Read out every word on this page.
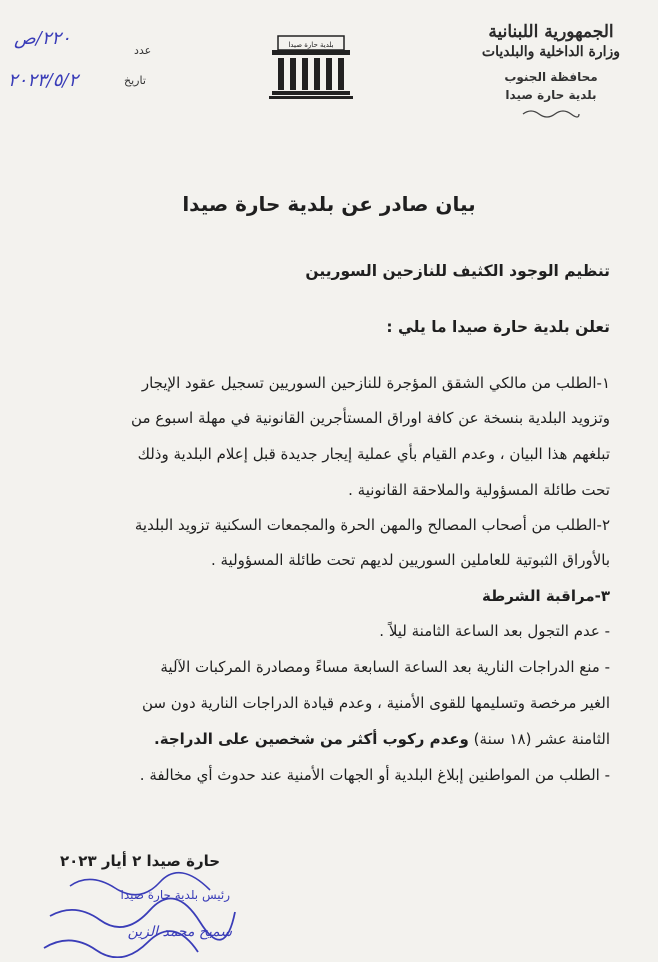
الجمهورية اللبنانية
وزارة الداخلية والبلديات
محافظة الجنوب
بلدية حارة صيدا
بلدية حارة صيدا
٢٢٠/ص
عدد
٢٠٢٣/٥/٢	تاريخ
بيان صادر عن بلدية حارة صيدا
تنظيم الوجود الكثيف للنازحين السوريين
تعلن بلدية حارة صيدا ما يلي :
١-الطلب من مالكي الشقق المؤجرة للنازحين السوريين تسجيل عقود الإيجار
وتزويد البلدية بنسخة عن كافة اوراق المستأجرين القانونية في مهلة اسبوع من
تبلغهم هذا البيان ، وعدم القيام بأي عملية إيجار جديدة قبل إعلام البلدية وذلك
تحت طائلة المسؤولية والملاحقة القانونية .
٢-الطلب من أصحاب المصالح والمهن الحرة والمجمعات السكنية تزويد البلدية
بالأوراق الثبوتية للعاملين السوريين لديهم تحت طائلة المسؤولية .
٣-مراقبة الشرطة
- عدم التجول بعد الساعة الثامنة ليلاً .
- منع الدراجات النارية بعد الساعة السابعة مساءً ومصادرة المركبات الآلية
الغير مرخصة وتسليمها للقوى الأمنية ، وعدم قيادة الدراجات النارية دون سن
الثامنة عشر (١٨ سنة) وعدم ركوب أكثر من شخصين على الدراجة.
- الطلب من المواطنين إبلاغ البلدية أو الجهات الأمنية عند حدوث أي مخالفة .
حارة صيدا ٢ أيار ٢٠٢٣
رئيس بلدية حارة صيدا
سميح محمد الزين
